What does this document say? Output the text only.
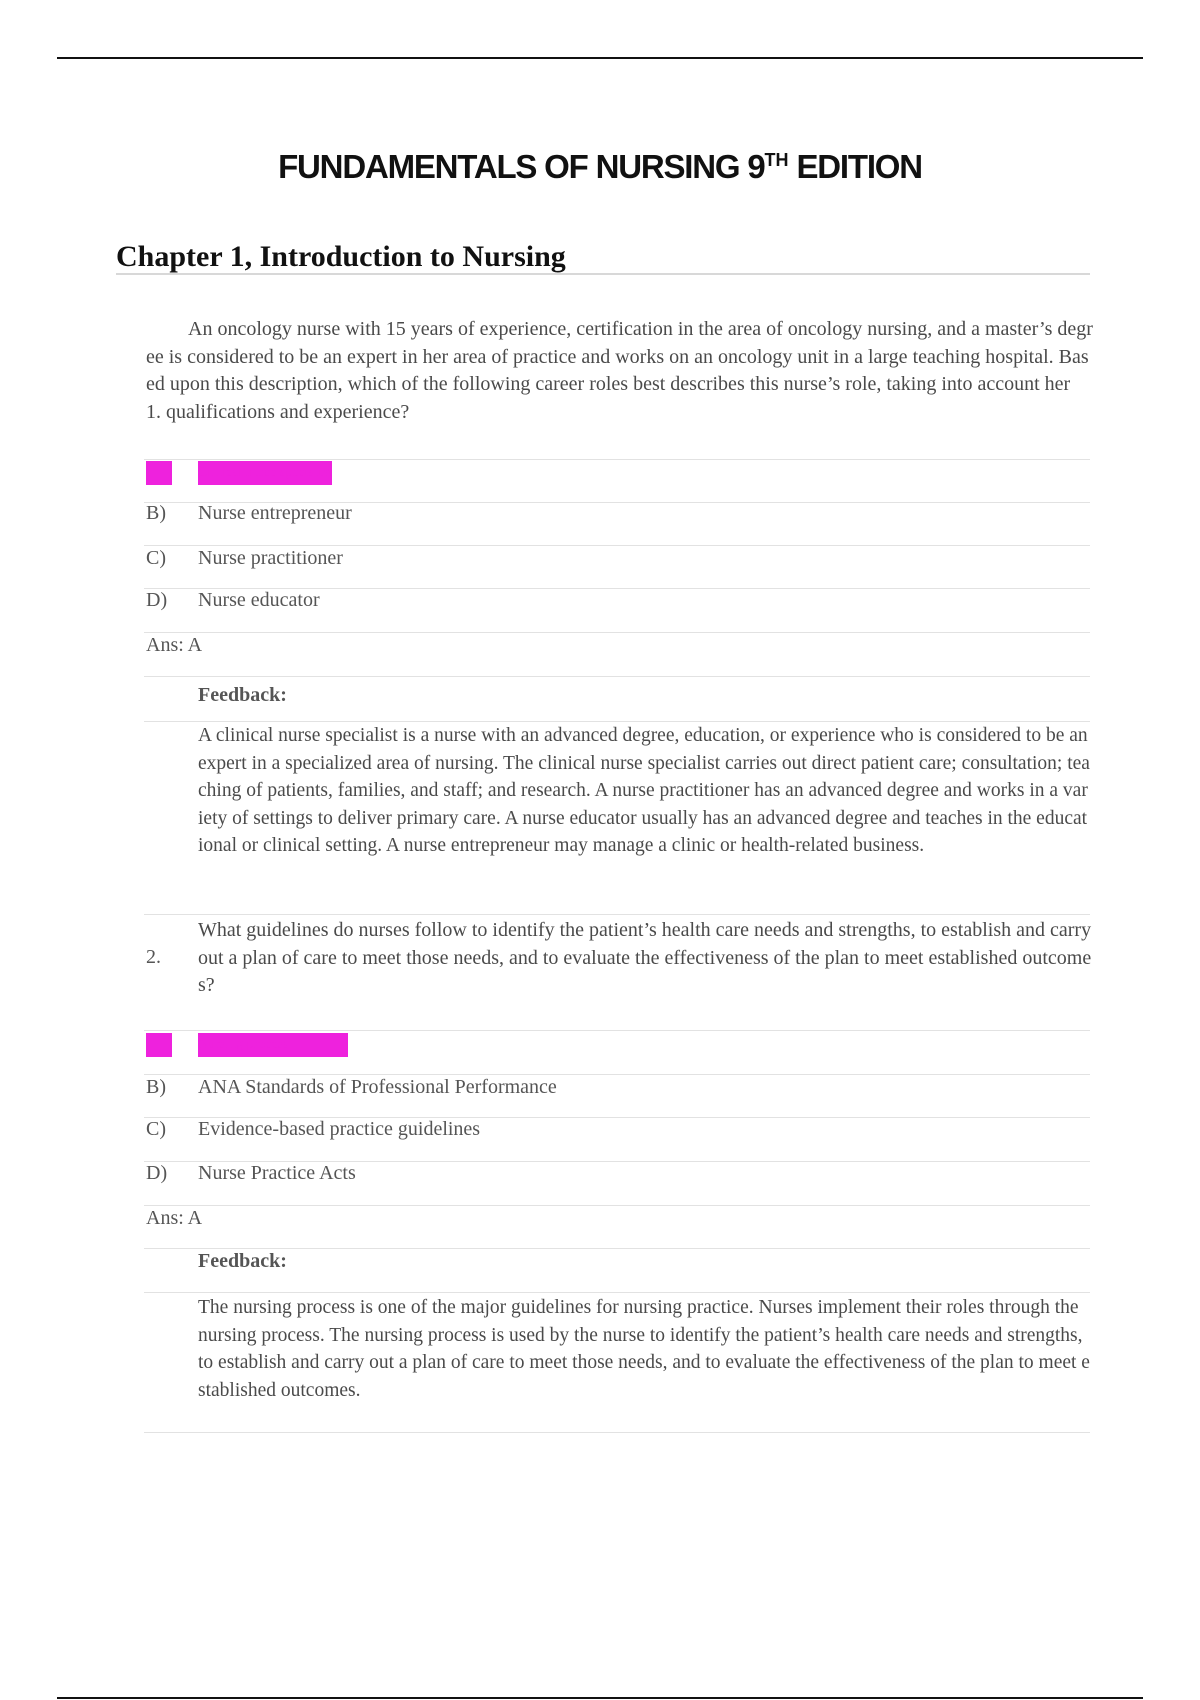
FUNDAMENTALS OF NURSING 9TH EDITION
Chapter 1, Introduction to Nursing
An oncology nurse with 15 years of experience, certification in the area of oncology nursing, and a master’s degree is considered to be an expert in her area of practice and works on an oncology unit in a large teaching hospital. Based upon this description, which of the following career roles best describes this nurse’s role, taking into account her
1. qualifications and experience?
Clinical nurse specialist
B)	Nurse entrepreneur
C)	Nurse practitioner
D)	Nurse educator
Ans: A
Feedback:
A clinical nurse specialist is a nurse with an advanced degree, education, or experience who is considered to be an expert in a specialized area of nursing. The clinical nurse specialist carries out direct patient care; consultation; teaching of patients, families, and staff; and research. A nurse practitioner has an advanced degree and works in a variety of settings to deliver primary care. A nurse educator usually has an advanced degree and teaches in the educational or clinical setting. A nurse entrepreneur may manage a clinic or health-related business.
2.
What guidelines do nurses follow to identify the patient’s health care needs and strengths, to establish and carry out a plan of care to meet those needs, and to evaluate the effectiveness of the plan to meet established outcomes?
Nursing process
B)	ANA Standards of Professional Performance
C)	Evidence-based practice guidelines
D)	Nurse Practice Acts
Ans: A
Feedback:
The nursing process is one of the major guidelines for nursing practice. Nurses implement their roles through the nursing process. The nursing process is used by the nurse to identify the patient’s health care needs and strengths, to establish and carry out a plan of care to meet those needs, and to evaluate the effectiveness of the plan to meet established outcomes.
